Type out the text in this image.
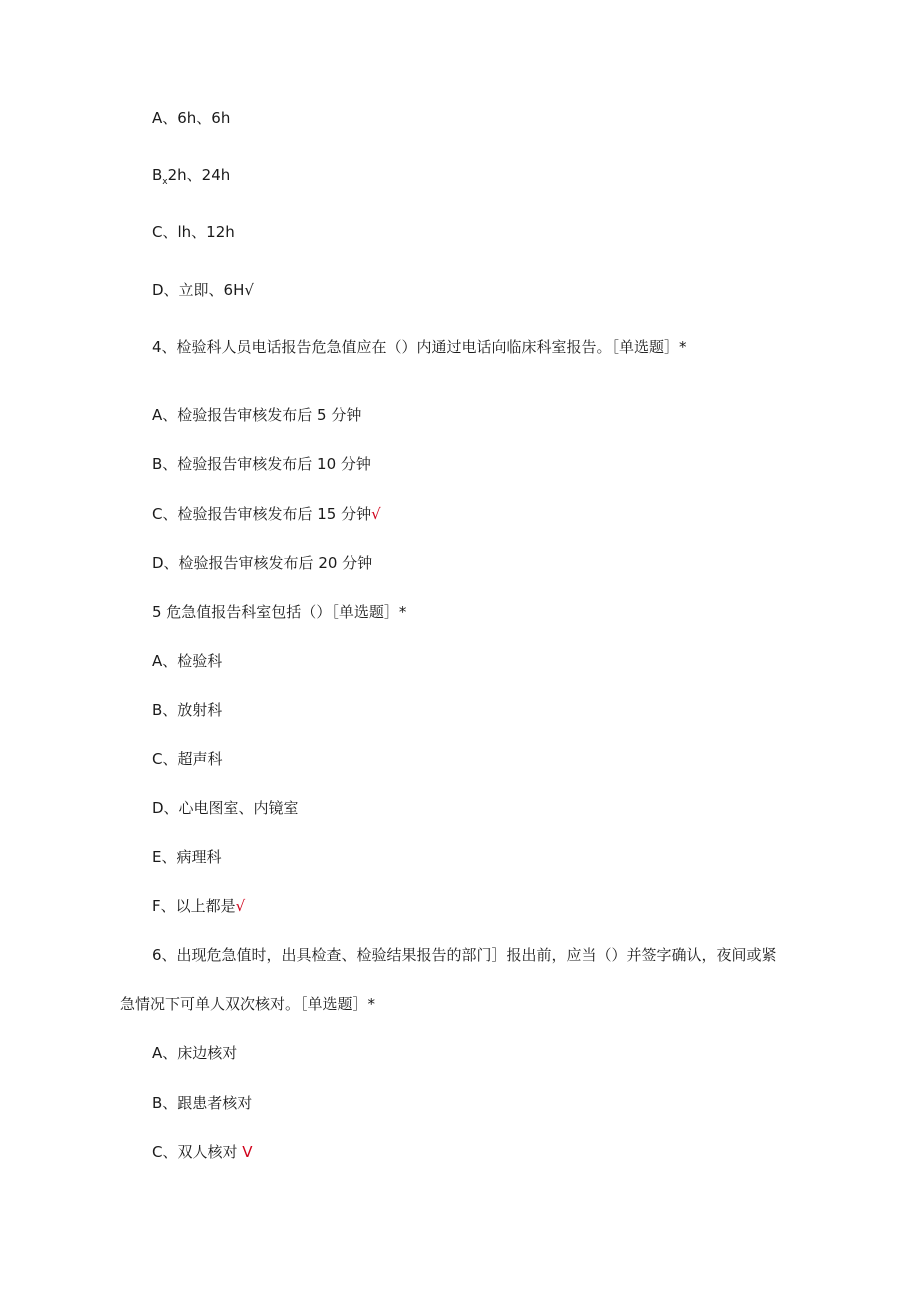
A、6h、6h
$B_x2h$、24h
C、lh、12h
D、立即、6H√
4、检验科人员电话报告危急值应在（）内通过电话向临床科室报告。［单选题］*
A、检验报告审核发布后 5 分钟
B、检验报告审核发布后 10 分钟
C、检验报告审核发布后 15 分钟√
D、检验报告审核发布后 20 分钟
5 危急值报告科室包括（）［单选题］*
A、检验科
B、放射科
C、超声科
D、心电图室、内镜室
E、病理科
F、以上都是√
6、出现危急值时，出具检查、检验结果报告的部门］报出前，应当（）并签字确认，夜间或紧
急情况下可单人双次核对。［单选题］*
A、床边核对
B、跟患者核对
C、双人核对 V
